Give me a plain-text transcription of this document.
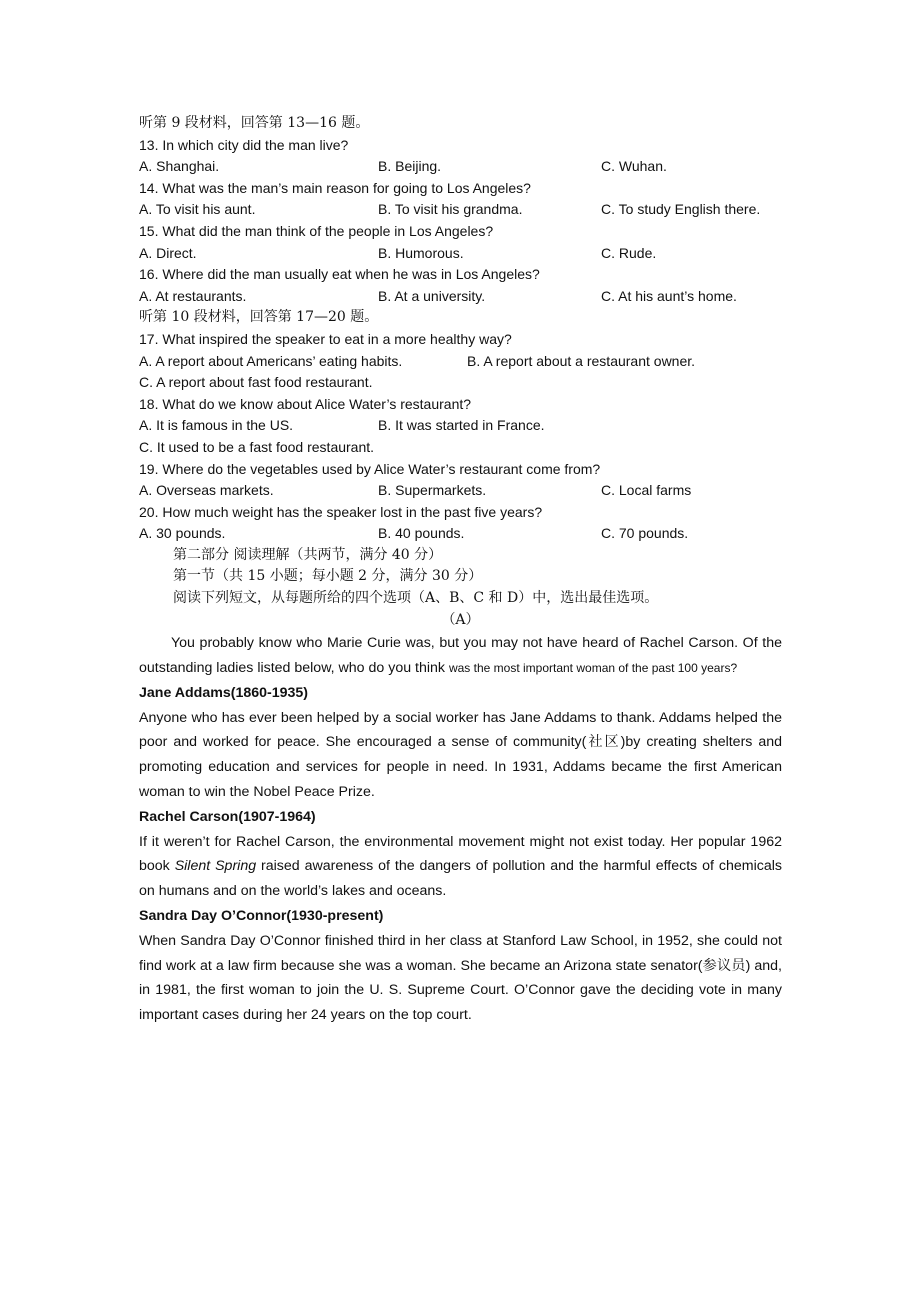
听第 9 段材料，回答第 13—16 题。
13. In which city did the man live?
A. Shanghai.	B. Beijing.	C. Wuhan.
14. What was the man’s main reason for going to Los Angeles?
A. To visit his aunt.	B. To visit his grandma.	C. To study English there.
15. What did the man think of the people in Los Angeles?
A. Direct.	B. Humorous.	C. Rude.
16. Where did the man usually eat when he was in Los Angeles?
A. At restaurants.	B. At a university.	C. At his aunt’s home.
听第 10 段材料，回答第 17—20 题。
17. What inspired the speaker to eat in a more healthy way?
A. A report about Americans’ eating habits.	B. A report about a restaurant owner.
C. A report about fast food restaurant.
18. What do we know about Alice Water’s restaurant?
A. It is famous in the US.	B. It was started in France.
C. It used to be a fast food restaurant.
19. Where do the vegetables used by Alice Water’s restaurant come from?
A. Overseas markets.	B. Supermarkets.	C. Local farms
20. How much weight has the speaker lost in the past five years?
A. 30 pounds.	B. 40 pounds.	C. 70 pounds.
第二部分 阅读理解（共两节，满分 40 分）
第一节（共 15 小题；每小题 2 分，满分 30 分）
阅读下列短文，从每题所给的四个选项（A、B、C 和 D）中，选出最佳选项。
（A）
You probably know who Marie Curie was, but you may not have heard of Rachel Carson. Of the outstanding ladies listed below, who do you think was the most important woman of the past 100 years?
Jane Addams(1860-1935)
Anyone who has ever been helped by a social worker has Jane Addams to thank. Addams helped the poor and worked for peace. She encouraged a sense of community(社区)by creating shelters and promoting education and services for people in need. In 1931, Addams became the first American woman to win the Nobel Peace Prize.
Rachel Carson(1907-1964)
If it weren’t for Rachel Carson, the environmental movement might not exist today. Her popular 1962 book Silent Spring raised awareness of the dangers of pollution and the harmful effects of chemicals on humans and on the world’s lakes and oceans.
Sandra Day O’Connor(1930-present)
When Sandra Day O’Connor finished third in her class at Stanford Law School, in 1952, she could not find work at a law firm because she was a woman. She became an Arizona state senator(参议员) and, in 1981, the first woman to join the U. S. Supreme Court. O’Connor gave the deciding vote in many important cases during her 24 years on the top court.
